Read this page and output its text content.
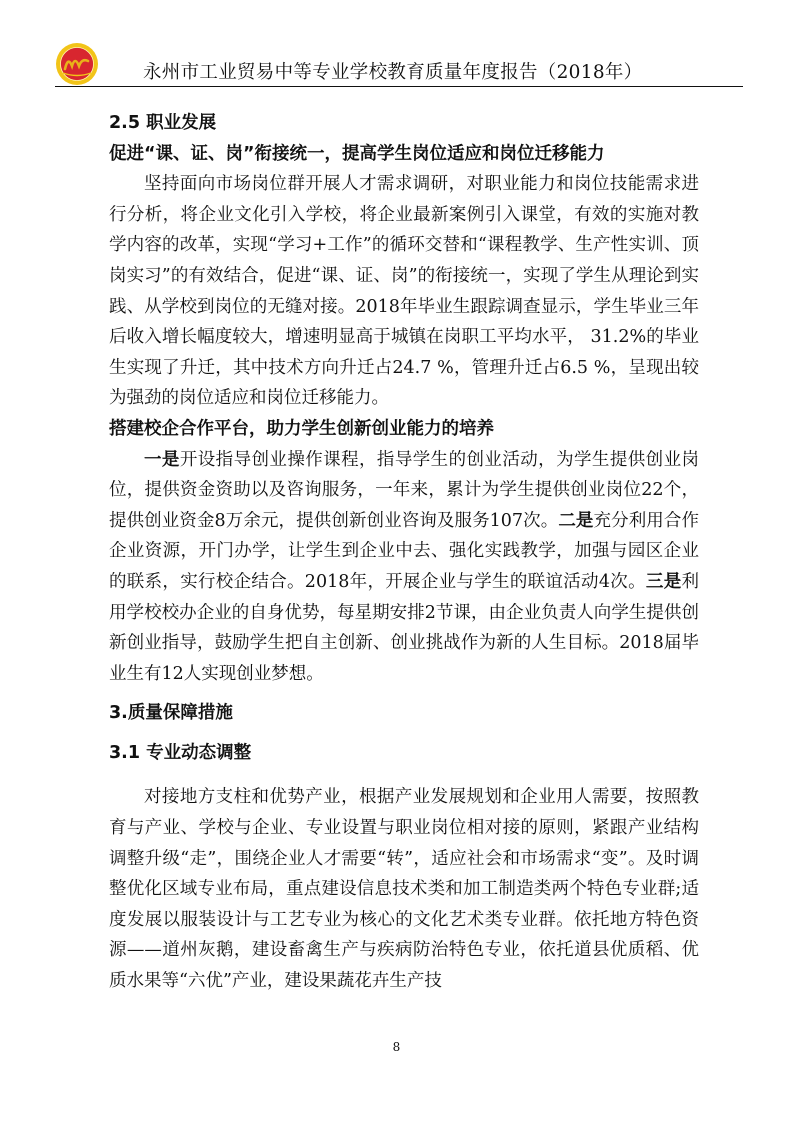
永州市工业贸易中等专业学校教育质量年度报告（2018年）

2.5 职业发展

促进“课、证、岗”衔接统一，提高学生岗位适应和岗位迁移能力

坚持面向市场岗位群开展人才需求调研，对职业能力和岗位技能需求进行分析，将企业文化引入学校，将企业最新案例引入课堂，有效的实施对教学内容的改革，实现“学习+工作”的循环交替和“课程教学、生产性实训、顶岗实习”的有效结合，促进“课、证、岗”的衔接统一，实现了学生从理论到实践、从学校到岗位的无缝对接。2018年毕业生跟踪调查显示，学生毕业三年后收入增长幅度较大，增速明显高于城镇在岗职工平均水平， 31.2%的毕业生实现了升迁，其中技术方向升迁占24.7 %，管理升迁占6.5 %，呈现出较为强劲的岗位适应和岗位迁移能力。

搭建校企合作平台，助力学生创新创业能力的培养

一是开设指导创业操作课程，指导学生的创业活动，为学生提供创业岗位，提供资金资助以及咨询服务，一年来，累计为学生提供创业岗位22个，提供创业资金8万余元，提供创新创业咨询及服务107次。二是充分利用合作企业资源，开门办学，让学生到企业中去、强化实践教学，加强与园区企业的联系，实行校企结合。2018年，开展企业与学生的联谊活动4次。三是利用学校校办企业的自身优势，每星期安排2节课，由企业负责人向学生提供创新创业指导，鼓励学生把自主创新、创业挑战作为新的人生目标。2018届毕业生有12人实现创业梦想。

3.质量保障措施

3.1 专业动态调整

对接地方支柱和优势产业，根据产业发展规划和企业用人需要，按照教育与产业、学校与企业、专业设置与职业岗位相对接的原则，紧跟产业结构调整升级“走”，围绕企业人才需要“转”，适应社会和市场需求“变”。及时调整优化区域专业布局，重点建设信息技术类和加工制造类两个特色专业群;适度发展以服装设计与工艺专业为核心的文化艺术类专业群。依托地方特色资源——道州灰鹅，建设畜禽生产与疾病防治特色专业，依托道县优质稻、优质水果等“六优”产业，建设果蔬花卉生产技

8
